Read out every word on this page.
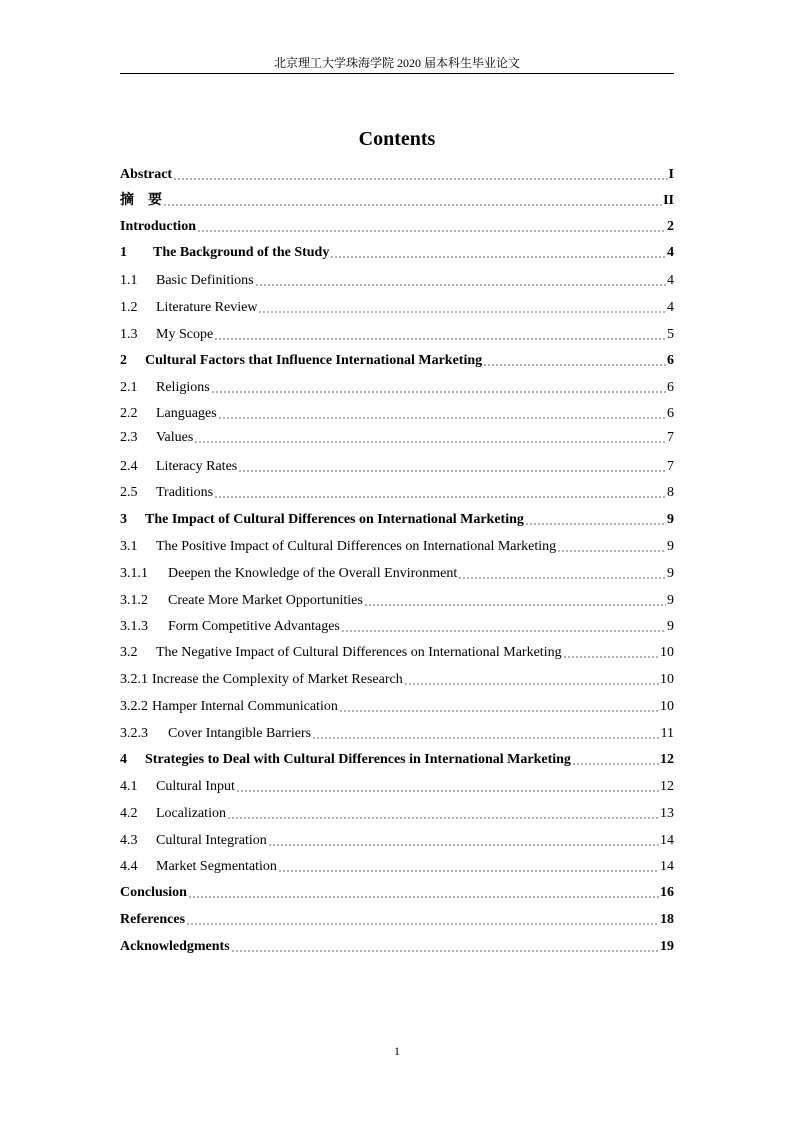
北京理工大学珠海学院 2020 届本科生毕业论文
Contents
Abstract	I
摘　要	II
Introduction	2
1 The Background of the Study	4
1.1 Basic Definitions	4
1.2 Literature Review	4
1.3 My Scope	5
2 Cultural Factors that Influence International Marketing	6
2.1 Religions	6
2.2 Languages	6
2.3 Values	7
2.4 Literacy Rates	7
2.5 Traditions	8
3 The Impact of Cultural Differences on International Marketing	9
3.1 The Positive Impact of Cultural Differences on International Marketing	9
3.1.1 Deepen the Knowledge of the Overall Environment	9
3.1.2 Create More Market Opportunities	9
3.1.3 Form Competitive Advantages	9
3.2 The Negative Impact of Cultural Differences on International Marketing	10
3.2.1 Increase the Complexity of Market Research	10
3.2.2 Hamper Internal Communication	10
3.2.3 Cover Intangible Barriers	11
4 Strategies to Deal with Cultural Differences in International Marketing	12
4.1 Cultural Input	12
4.2 Localization	13
4.3 Cultural Integration	14
4.4 Market Segmentation	14
Conclusion	16
References	18
Acknowledgments	19
1
